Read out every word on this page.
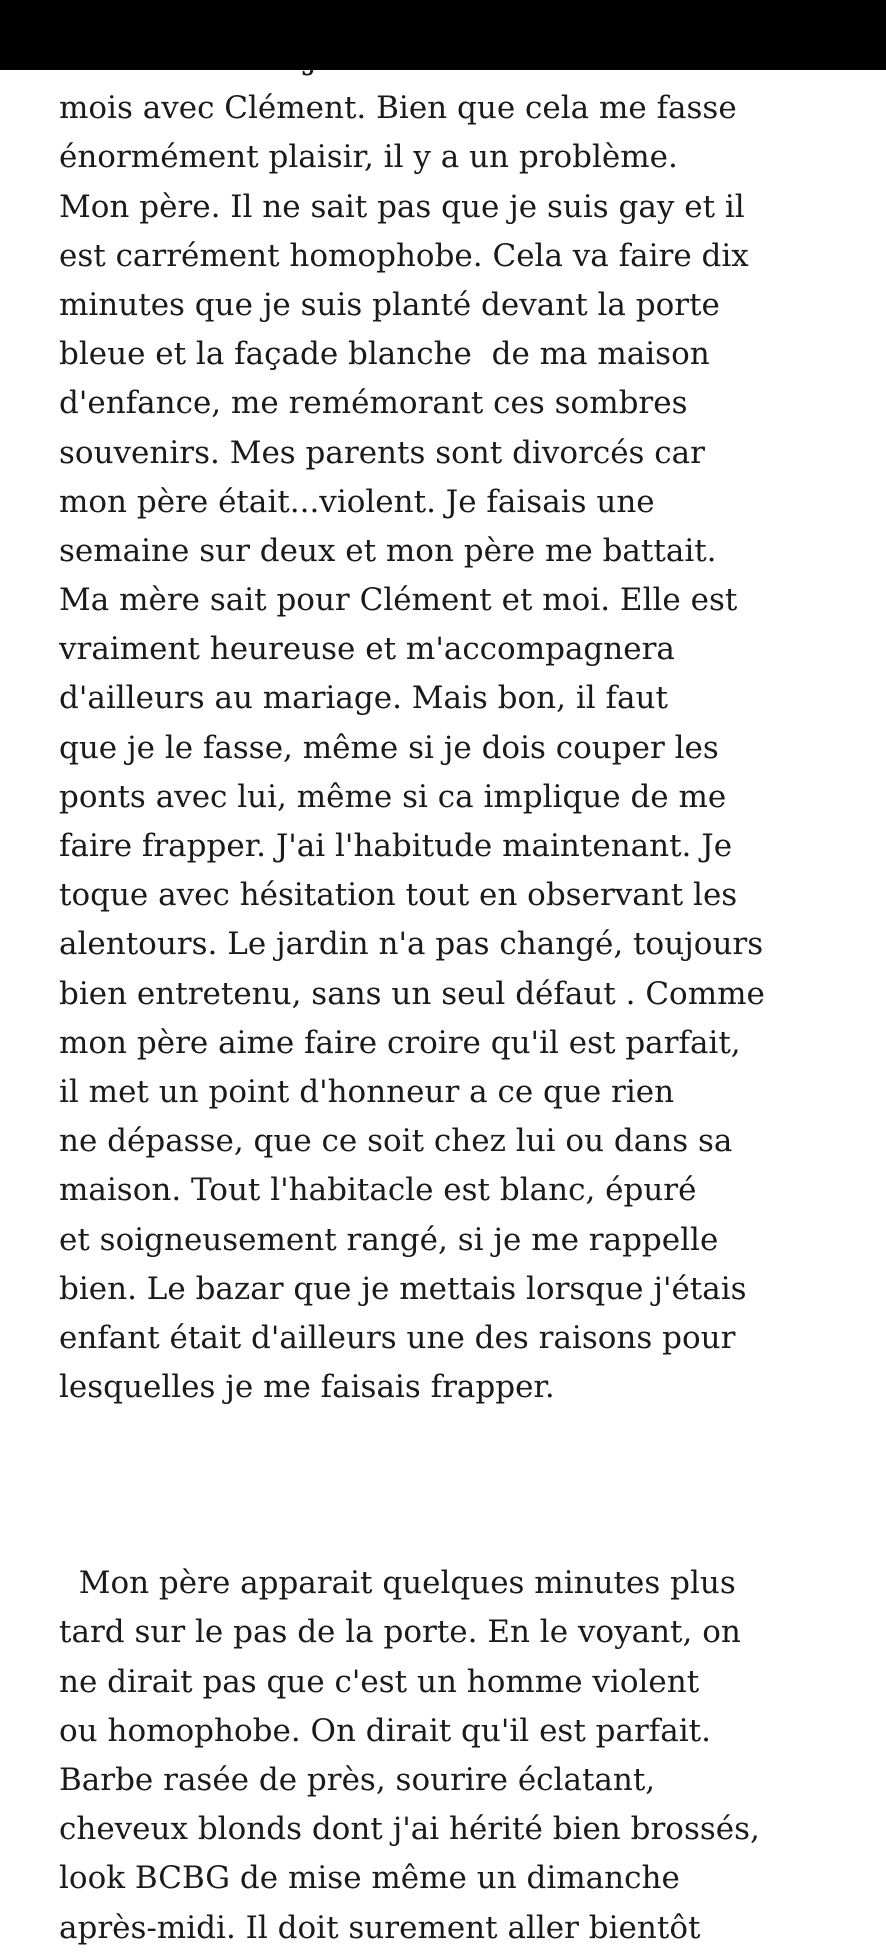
mois avec Clément. Bien que cela me fasse
énormément plaisir, il y a un problème.
Mon père. Il ne sait pas que je suis gay et il
est carrément homophobe. Cela va faire dix
minutes que je suis planté devant la porte
bleue et la façade blanche  de ma maison
d'enfance, me remémorant ces sombres
souvenirs. Mes parents sont divorcés car
mon père était...violent. Je faisais une
semaine sur deux et mon père me battait.
Ma mère sait pour Clément et moi. Elle est
vraiment heureuse et m'accompagnera
d'ailleurs au mariage. Mais bon, il faut
que je le fasse, même si je dois couper les
ponts avec lui, même si ca implique de me
faire frapper. J'ai l'habitude maintenant. Je
toque avec hésitation tout en observant les
alentours. Le jardin n'a pas changé, toujours
bien entretenu, sans un seul défaut . Comme
mon père aime faire croire qu'il est parfait,
il met un point d'honneur a ce que rien
ne dépasse, que ce soit chez lui ou dans sa
maison. Tout l'habitacle est blanc, épuré
et soigneusement rangé, si je me rappelle
bien. Le bazar que je mettais lorsque j'étais
enfant était d'ailleurs une des raisons pour
lesquelles je me faisais frapper.
Mon père apparait quelques minutes plus
tard sur le pas de la porte. En le voyant, on
ne dirait pas que c'est un homme violent
ou homophobe. On dirait qu'il est parfait.
Barbe rasée de près, sourire éclatant,
cheveux blonds dont j'ai hérité bien brossés,
look BCBG de mise même un dimanche
après-midi. Il doit surement aller bientôt
